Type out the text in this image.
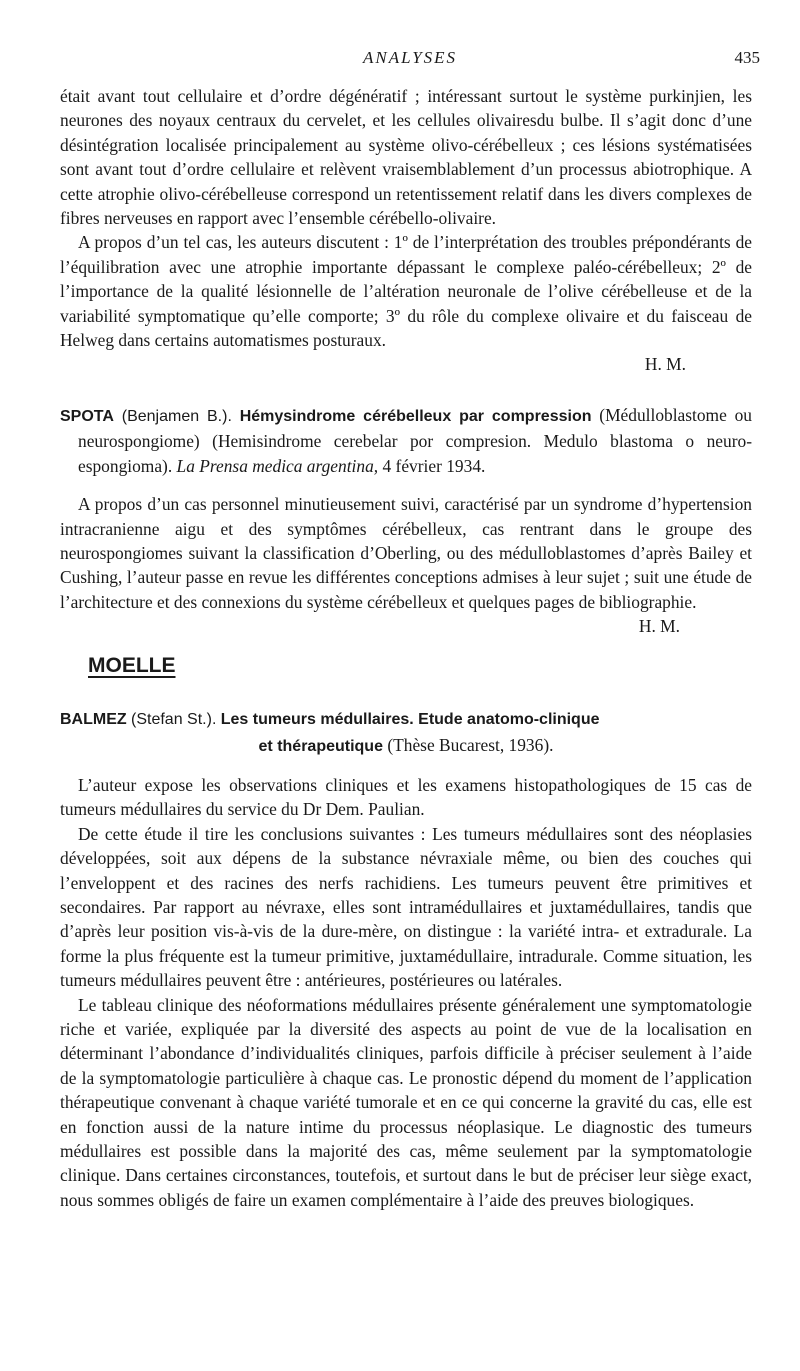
ANALYSES	435

était avant tout cellulaire et d’ordre dégénératif ; intéressant surtout le système purkinjien, les neurones des noyaux centraux du cervelet, et les cellules olivairesdu bulbe. Il s’agit donc d’une désintégration localisée principalement au système olivo-cérébelleux ; ces lésions systématisées sont avant tout d’ordre cellulaire et relèvent vraisemblablement d’un processus abiotrophique. A cette atrophie olivo-cérébelleuse correspond un retentissement relatif dans les divers complexes de fibres nerveuses en rapport avec l’ensemble cérébello-olivaire.

A propos d’un tel cas, les auteurs discutent : 1º de l’interprétation des troubles prépondérants de l’équilibration avec une atrophie importante dépassant le complexe paléo-cérébelleux; 2º de l’importance de la qualité lésionnelle de l’altération neuronale de l’olive cérébelleuse et de la variabilité symptomatique qu’elle comporte; 3º du rôle du complexe olivaire et du faisceau de Helweg dans certains automatismes posturaux.

H. M.

SPOTA (Benjamen B.). Hémysindrome cérébelleux par compression (Médulloblastome ou neurospongiome) (Hemisindrome cerebelar por compresion. Medulo blastoma o neuro-espongioma). La Prensa medica argentina, 4 février 1934.

A propos d’un cas personnel minutieusement suivi, caractérisé par un syndrome d’hypertension intracranienne aigu et des symptômes cérébelleux, cas rentrant dans le groupe des neurospongiomes suivant la classification d’Oberling, ou des médulloblastomes d’après Bailey et Cushing, l’auteur passe en revue les différentes conceptions admises à leur sujet ; suit une étude de l’architecture et des connexions du système cérébelleux et quelques pages de bibliographie.
H. M.

MOELLE

BALMEZ (Stefan St.). Les tumeurs médullaires. Etude anatomo-clinique

et thérapeutique (Thèse Bucarest, 1936).

L’auteur expose les observations cliniques et les examens histopathologiques de 15 cas de tumeurs médullaires du service du Dr Dem. Paulian.

De cette étude il tire les conclusions suivantes : Les tumeurs médullaires sont des néoplasies développées, soit aux dépens de la substance névraxiale même, ou bien des couches qui l’enveloppent et des racines des nerfs rachidiens. Les tumeurs peuvent être primitives et secondaires. Par rapport au névraxe, elles sont intramédullaires et juxtamédullaires, tandis que d’après leur position vis-à-vis de la dure-mère, on distingue : la variété intra- et extradurale. La forme la plus fréquente est la tumeur primitive, juxtamédullaire, intradurale. Comme situation, les tumeurs médullaires peuvent être : antérieures, postérieures ou latérales.

Le tableau clinique des néoformations médullaires présente généralement une symptomatologie riche et variée, expliquée par la diversité des aspects au point de vue de la localisation en déterminant l’abondance d’individualités cliniques, parfois difficile à préciser seulement à l’aide de la symptomatologie particulière à chaque cas. Le pronostic dépend du moment de l’application thérapeutique convenant à chaque variété tumorale et en ce qui concerne la gravité du cas, elle est en fonction aussi de la nature intime du processus néoplasique. Le diagnostic des tumeurs médullaires est possible dans la majorité des cas, même seulement par la symptomatologie clinique. Dans certaines circonstances, toutefois, et surtout dans le but de préciser leur siège exact, nous sommes obligés de faire un examen complémentaire à l’aide des preuves biologiques.
